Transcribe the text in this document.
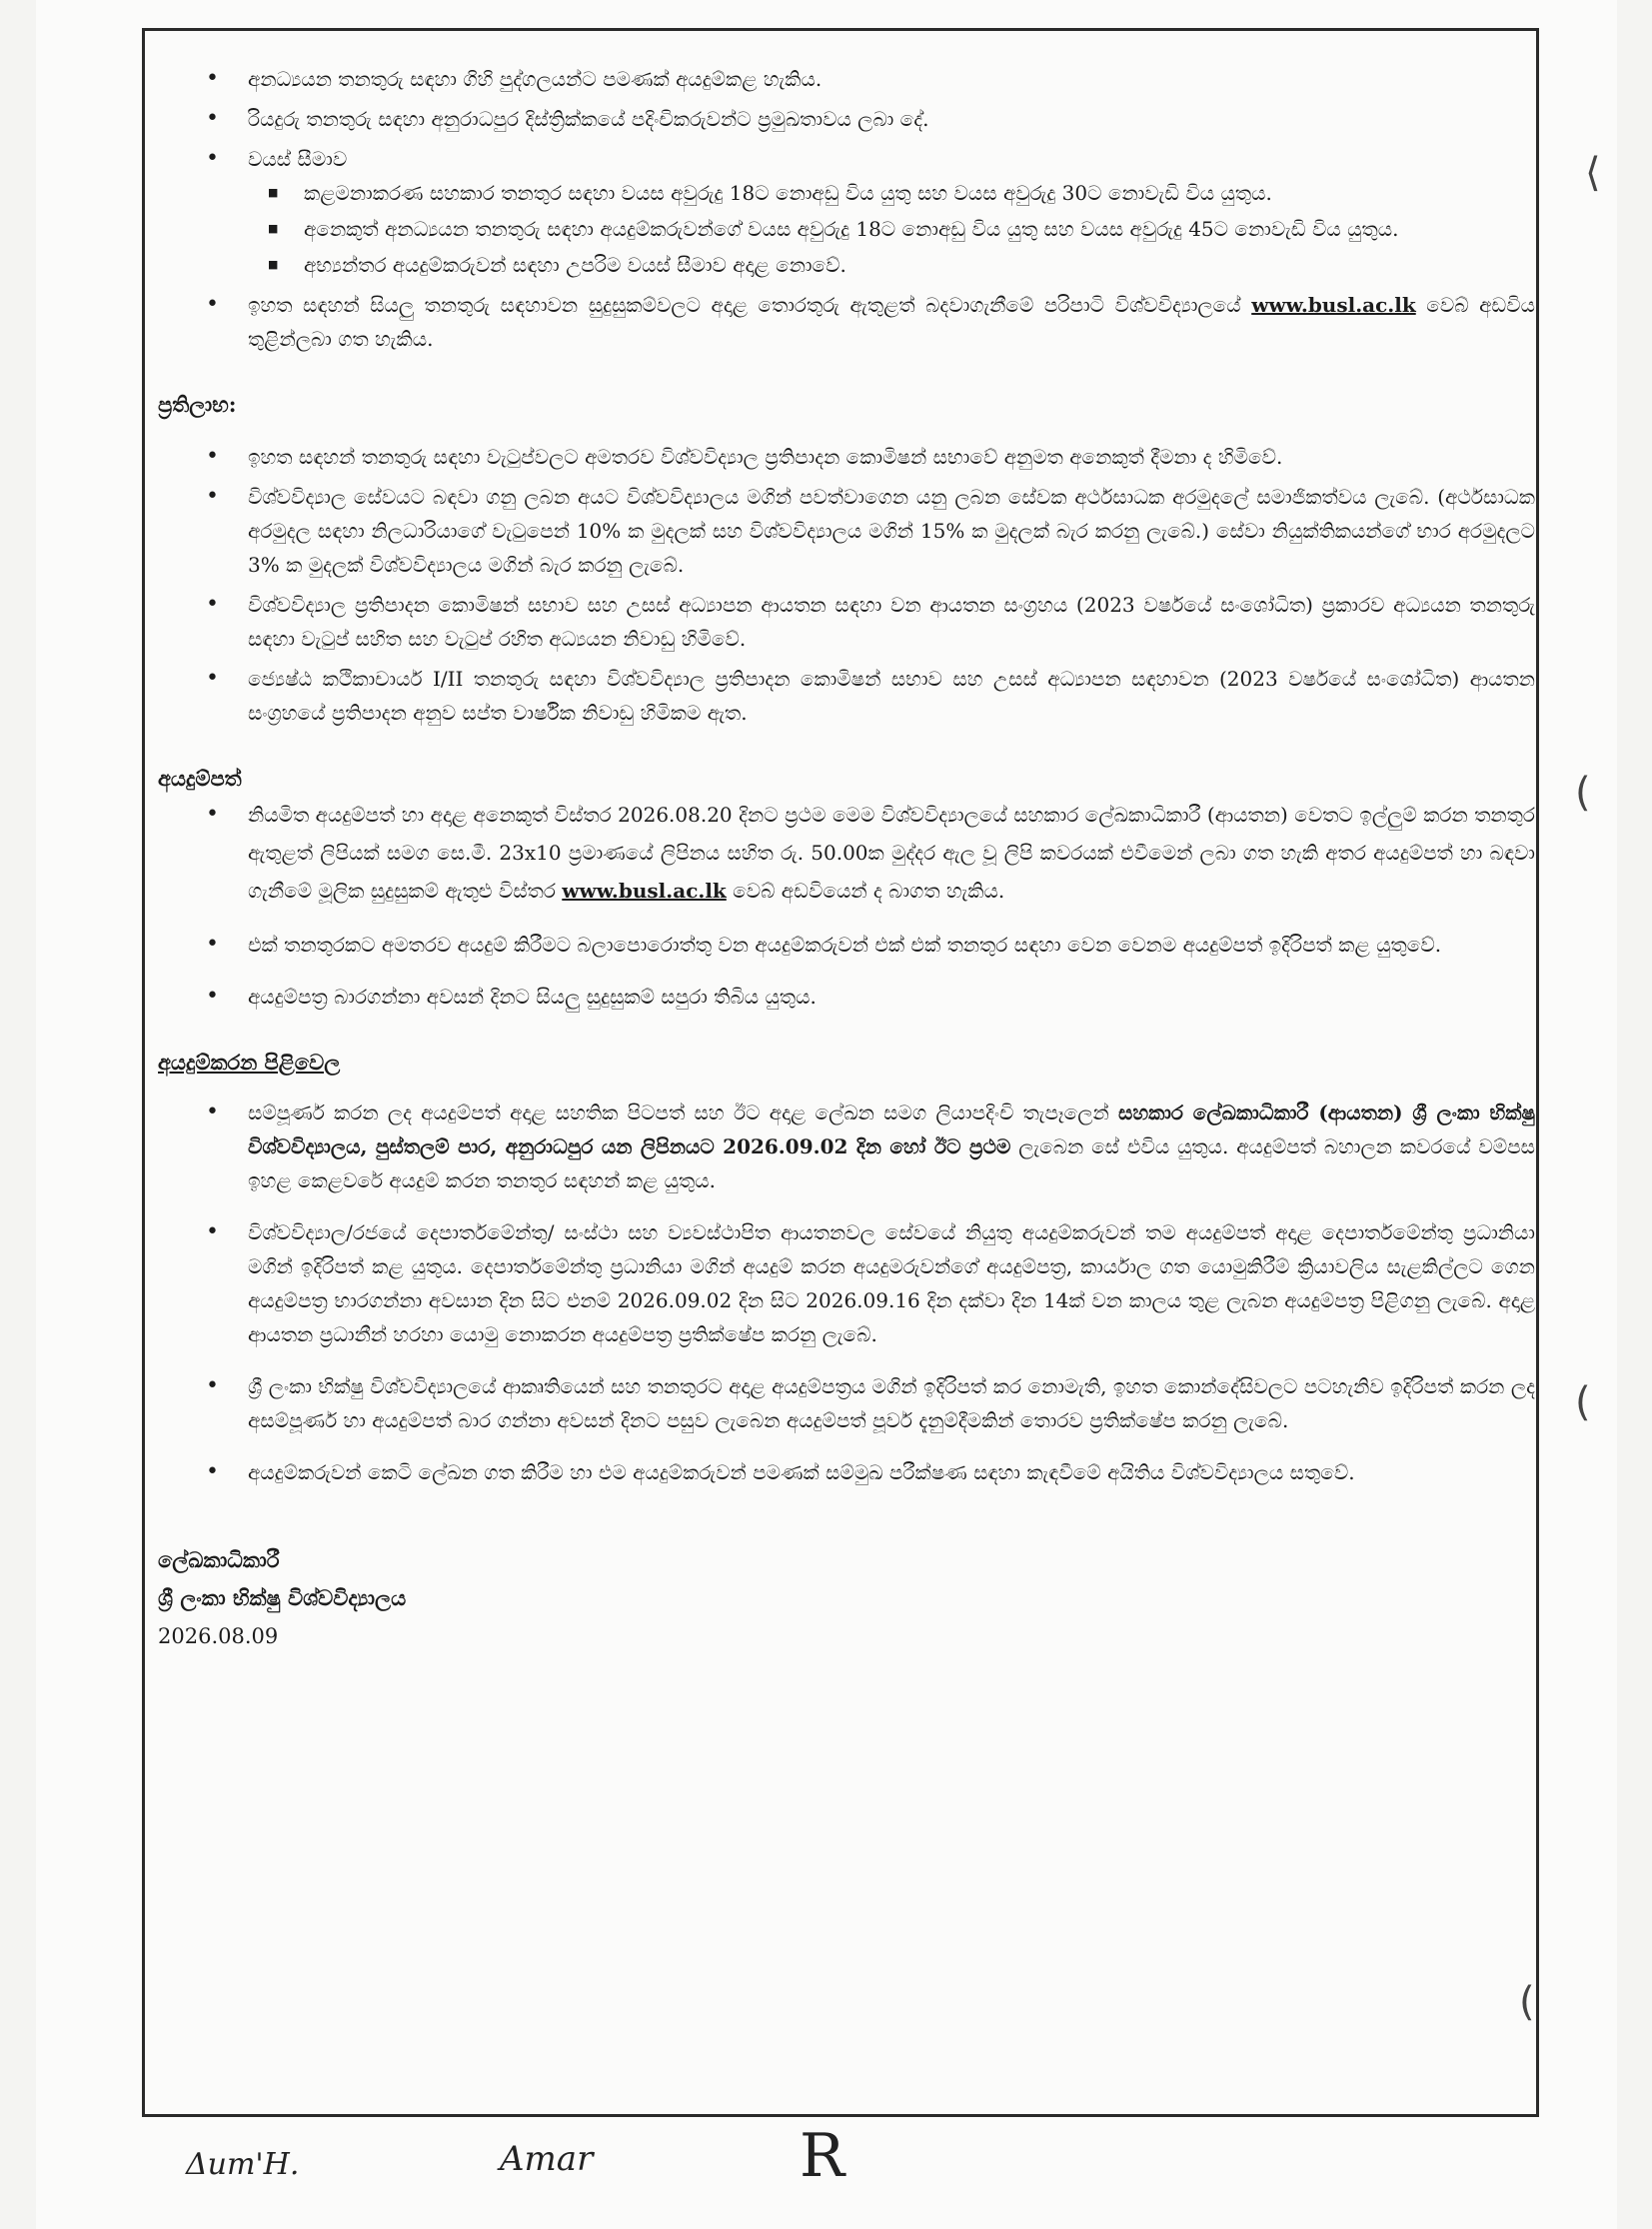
• අනධ්‍යයන තනතුරු සඳහා ගිහි පුද්ගලයන්ට පමණක් අයදුම්කළ හැකිය.
• රියදුරු තනතුරු සඳහා අනුරාධපුර දිස්ත්‍රික්කයේ පදිංචිකරුවන්ට ප්‍රමුඛතාවය ලබා දේ.
• වයස් සීමාව
■ කළමනාකරණ සහකාර තනතුර සඳහා වයස අවුරුදු 18ට නොඅඩු විය යුතු සහ වයස අවුරුදු 30ට නොවැඩි විය යුතුය.
■ අනෙකුත් අනධ්‍යයන තනතුරු සඳහා අයදුම්කරුවන්ගේ වයස අවුරුදු 18ට නොඅඩු විය යුතු සහ වයස අවුරුදු 45ට නොවැඩි විය යුතුය.
■ අභ්‍යන්තර අයදුම්කරුවන් සඳහා උපරිම වයස් සීමාව අදාළ නොවේ.
• ඉහත සඳහන් සියලු තනතුරු සඳහාවන සුදුසුකම්වලට අදාළ තොරතුරු ඇතුළත් බදවාගැනීමේ පරිපාටි විශ්වවිද්‍යාලයේ www.busl.ac.lk වෙබ් අඩවිය තුළින්ලබා ගත හැකිය.

ප්‍රතිලාභ:

• ඉහත සඳහන් තනතුරු සඳහා වැටුප්වලට අමතරව විශ්වවිද්‍යාල ප්‍රතිපාදන කොමිෂන් සභාවේ අනුමත අනෙකුත් දීමනා ද හිමිවේ.
• විශ්වවිද්‍යාල සේවයට බඳවා ගනු ලබන අයට විශ්වවිද්‍යාලය මගින් පවත්වාගෙන යනු ලබන සේවක අර්ථසාධක අරමුදලේ සමාජිකත්වය ලැබේ. (අර්ථසාධක අරමුදල සඳහා නිලධාරියාගේ වැටුපෙන් 10% ක මුදලක් සහ විශ්වවිද්‍යාලය මගින් 15% ක මුදලක් බැර කරනු ලැබේ.) සේවා නියුක්තිකයන්ගේ භාර අරමුදලට 3% ක මුදලක් විශ්වවිද්‍යාලය මගින් බැර කරනු ලැබේ.
• විශ්වවිද්‍යාල ප්‍රතිපාදන කොමිෂන් සභාව සහ උසස් අධ්‍යාපන ආයතන සඳහා වන ආයතන සංග්‍රහය (2023 වර්ෂයේ සංශෝධිත) ප්‍රකාරව අධ්‍යයන තනතුරු සඳහා වැටුප් සහිත සහ වැටුප් රහිත අධ්‍යයන නිවාඩු හිමිවේ.
• ජ්‍යෙෂ්ඨ කථිකාචාර්ය I/II තනතුරු සඳහා විශ්වවිද්‍යාල ප්‍රතිපාදන කොමිෂන් සභාව සහ උසස් අධ්‍යාපන සඳහාවන (2023 වර්ෂයේ සංශෝධිත) ආයතන සංග්‍රහයේ ප්‍රතිපාදන අනුව සප්ත වාර්ෂික නිවාඩු හිමිකම ඇත.

අයදුම්පත්

• නියමිත අයදුම්පත් හා අදාළ අනෙකුත් විස්තර 2026.08.20 දිනට ප්‍රථම මෙම විශ්වවිද්‍යාලයේ සහකාර ලේඛකාධිකාරී (ආයතන) වෙතට ඉල්ලුම් කරන තනතුර ඇතුළත් ලිපියක් සමග සෙ.මී. 23x10 ප්‍රමාණයේ ලිපිනය සහිත රු. 50.00ක මුද්දර ඇල වූ ලිපි කවරයක් එවීමෙන් ලබා ගත හැකි අතර අයදුම්පත් හා බඳවා ගැනීමේ මූලික සුදුසුකම් ඇතුළු විස්තර www.busl.ac.lk වෙබ් අඩවියෙන් ද බාගත හැකිය.
• එක් තනතුරකට අමතරව අයදුම් කිරීමට බලාපොරොත්තු වන අයදුම්කරුවන් එක් එක් තනතුර සඳහා වෙන වෙනම අයදුම්පත් ඉදිරිපත් කළ යුතුවේ.
• අයදුම්පත්‍ර බාරගන්නා අවසන් දිනට සියලු සුදුසුකම් සපුරා තිබිය යුතුය.

අයදුම්කරන පිළිවෙල

• සම්පූර්ණ කරන ලද අයදුම්පත් අදාළ සහතික පිටපත් සහ ඊට අදාළ ලේඛන සමග ලියාපදිංචි තැපෑලෙන් සහකාර ලේඛකාධිකාරී (ආයතන) ශ්‍රී ලංකා භික්ෂු විශ්වවිද්‍යාලය, පුස්තලම් පාර, අනුරාධපුර යන ලිපිනයට 2026.09.02 දින හෝ ඊට ප්‍රථම ලැබෙන සේ එවිය යුතුය. අයදුම්පත් බහාලන කවරයේ වම්පස ඉහළ කෙළවරේ අයදුම් කරන තනතුර සඳහන් කළ යුතුය.
• විශ්වවිද්‍යාල/රජයේ දෙපාර්තමේන්තු/ සංස්ථා සහ ව්‍යවස්ථාපිත ආයතනවල සේවයේ නියුතු අයදුම්කරුවන් තම අයදුම්පත් අදාළ දෙපාර්තමේන්තු ප්‍රධානියා මගින් ඉදිරිපත් කළ යුතුය. දෙපාර්තමේන්තු ප්‍රධානියා මගින් අයදුම් කරන අයදුමරුවන්ගේ අයදුම්පත්‍ර, කාර්යාල ගත යොමුකිරීම් ක්‍රියාවලිය සැළකිල්ලට ගෙන අයදුම්පත්‍ර භාරගන්නා අවසාන දින සිට එනම් 2026.09.02 දින සිට 2026.09.16 දින දක්වා දින 14ක් වන කාලය තුළ ලැබන අයදුම්පත්‍ර පිළිගනු ලැබේ. අදාළ ආයතන ප්‍රධානීන් හරහා යොමු නොකරන අයදුම්පත්‍ර ප්‍රතික්ෂේප කරනු ලැබේ.
• ශ්‍රී ලංකා භික්ෂු විශ්වවිද්‍යාලයේ ආකෘතියෙන් සහ තනතුරට අදාළ අයදුම්පත්‍රය මගින් ඉදිරිපත් කර නොමැති, ඉහත කොන්දේසිවලට පටහැනිව ඉදිරිපත් කරන ලද අසම්පූර්ණ හා අයදුම්පත් බාර ගන්නා අවසන් දිනට පසුව ලැබෙන අයදුම්පත් පූර්ව දැනුම්දීමකින් තොරව ප්‍රතික්ෂේප කරනු ලැබේ.
• අයදුම්කරුවන් කෙටි ලේඛන ගත කිරීම හා එම අයදුම්කරුවන් පමණක් සම්මුඛ පරීක්ෂණ සඳහා කැඳවීමේ අයිතිය විශ්වවිද්‍යාලය සතුවේ.
ලේඛකාධිකාරී
ශ්‍රී ලංකා භික්ෂු විශ්වවිද්‍යාලය
2026.08.09
⟨
(
(
(
Δum'H.	Amar	R
